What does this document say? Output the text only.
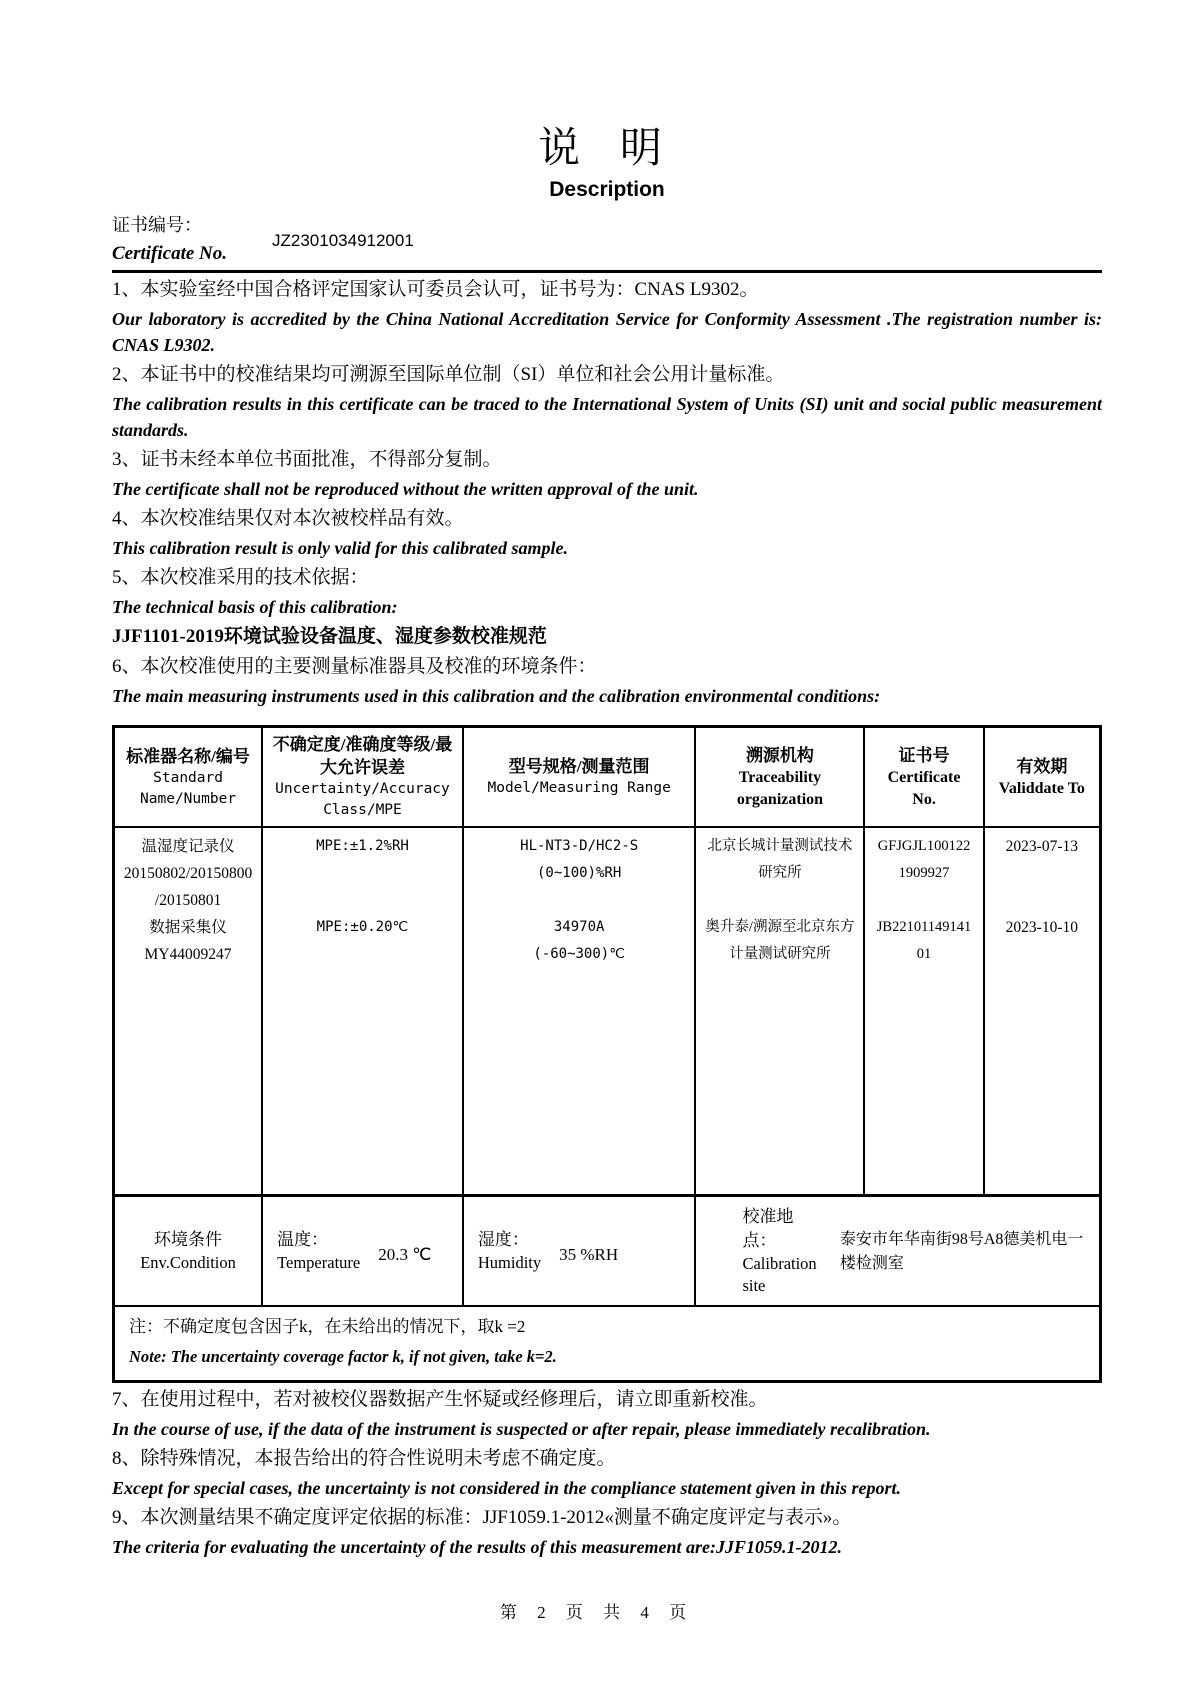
说 明
Description
证书编号：
Certificate No.
JZ2301034912001

1、本实验室经中国合格评定国家认可委员会认可，证书号为：CNAS L9302。

Our laboratory is accredited by the China National Accreditation Service for Conformity Assessment .The registration number is: CNAS L9302.

2、本证书中的校准结果均可溯源至国际单位制（SI）单位和社会公用计量标准。

The calibration results in this certificate can be traced to the International System of Units (SI) unit and social public measurement standards.

3、证书未经本单位书面批准，不得部分复制。

The certificate shall not be reproduced without the written approval of the unit.

4、本次校准结果仅对本次被校样品有效。

This calibration result is only valid for this calibrated sample.

5、本次校准采用的技术依据：

The technical basis of this calibration:

JJF1101-2019环境试验设备温度、湿度参数校准规范

6、本次校准使用的主要测量标准器具及校准的环境条件：

The main measuring instruments used in this calibration and the calibration environmental conditions:

标准器名称/编号
Standard
Name/Number
不确定度/准确度等级/最大允许误差
Uncertainty/Accuracy
Class/MPE
型号规格/测量范围
Model/Measuring Range
溯源机构
Traceability
organization
证书号
Certificate
No.
有效期
Validdate To
温湿度记录仪
20150802/20150800
/20150801
数据采集仪
MY44009247
MPE:±1.2%RH
MPE:±0.20℃
HL-NT3-D/HC2-S
(0~100)%RH
34970A
(-60~300)℃
北京长城计量测试技术
研究所
奥升泰/溯源至北京东方
计量测试研究所
GFJGJL100122
1909927
JB22101149141
01
2023-07-13
2023-10-10
环境条件
Env.Condition
温度：
Temperature 20.3 ℃
湿度：
Humidity 35 %RH
校准地点：
Calibration site
泰安市年华南街98号A8德美机电一楼检测室
注：不确定度包含因子k，在未给出的情况下，取k =2
Note: The uncertainty coverage factor k, if not given, take k=2.

7、在使用过程中，若对被校仪器数据产生怀疑或经修理后，请立即重新校准。

In the course of use, if the data of the instrument is suspected or after repair, please immediately recalibration.

8、除特殊情况，本报告给出的符合性说明未考虑不确定度。

Except for special cases, the uncertainty is not considered in the compliance statement given in this report.

9、本次测量结果不确定度评定依据的标准：JJF1059.1-2012«测量不确定度评定与表示»。

The criteria for evaluating the uncertainty of the results of this measurement are:JJF1059.1-2012.

第 2 页 共 4 页
